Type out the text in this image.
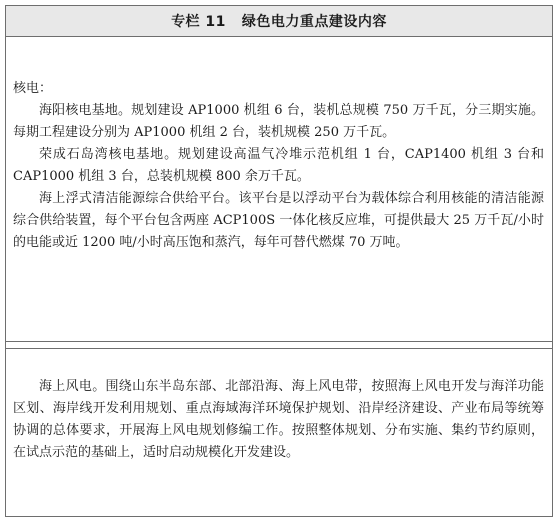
专栏 11 绿色电力重点建设内容

核电：

海阳核电基地。规划建设 AP1000 机组 6 台，装机总规模 750 万千瓦，分三期实施。每期工程建设分别为 AP1000 机组 2 台，装机规模 250 万千瓦。

荣成石岛湾核电基地。规划建设高温气冷堆示范机组 1 台，CAP1400 机组 3 台和 CAP1000 机组 3 台，总装机规模 800 余万千瓦。

海上浮式清洁能源综合供给平台。该平台是以浮动平台为载体综合利用核能的清洁能源综合供给装置，每个平台包含两座 ACP100S 一体化核反应堆，可提供最大 25 万千瓦/小时的电能或近 1200 吨/小时高压饱和蒸汽，每年可替代燃煤 70 万吨。

海上风电。围绕山东半岛东部、北部沿海、海上风电带，按照海上风电开发与海洋功能区划、海岸线开发利用规划、重点海域海洋环境保护规划、沿岸经济建设、产业布局等统筹协调的总体要求，开展海上风电规划修编工作。按照整体规划、分布实施、集约节约原则，在试点示范的基础上，适时启动规模化开发建设。
